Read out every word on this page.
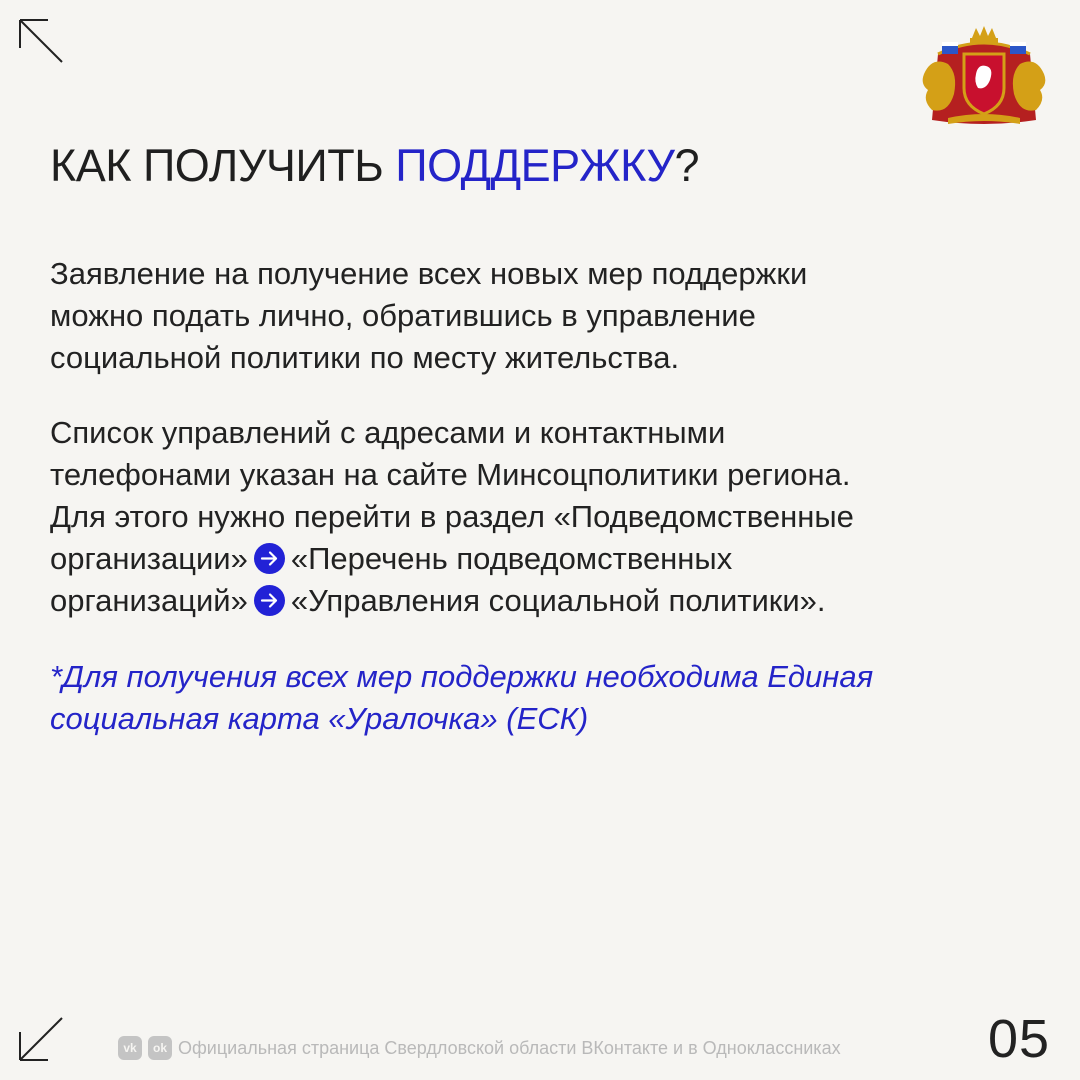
КАК ПОЛУЧИТЬ ПОДДЕРЖКУ?
Заявление на получение всех новых мер поддержки
можно подать лично, обратившись в управление
социальной политики по месту жительства.
Список управлений с адресами и контактными
телефонами указан на сайте Минсоцполитики региона.
Для этого нужно перейти в раздел «Подведомственные
организации» «Перечень подведомственных
организаций» «Управления социальной политики».
*Для получения всех мер поддержки необходима Единая
социальная карта «Уралочка» (ЕСК)
vk	ok Официальная страница Свердловской области ВКонтакте и в Одноклассниках	05
